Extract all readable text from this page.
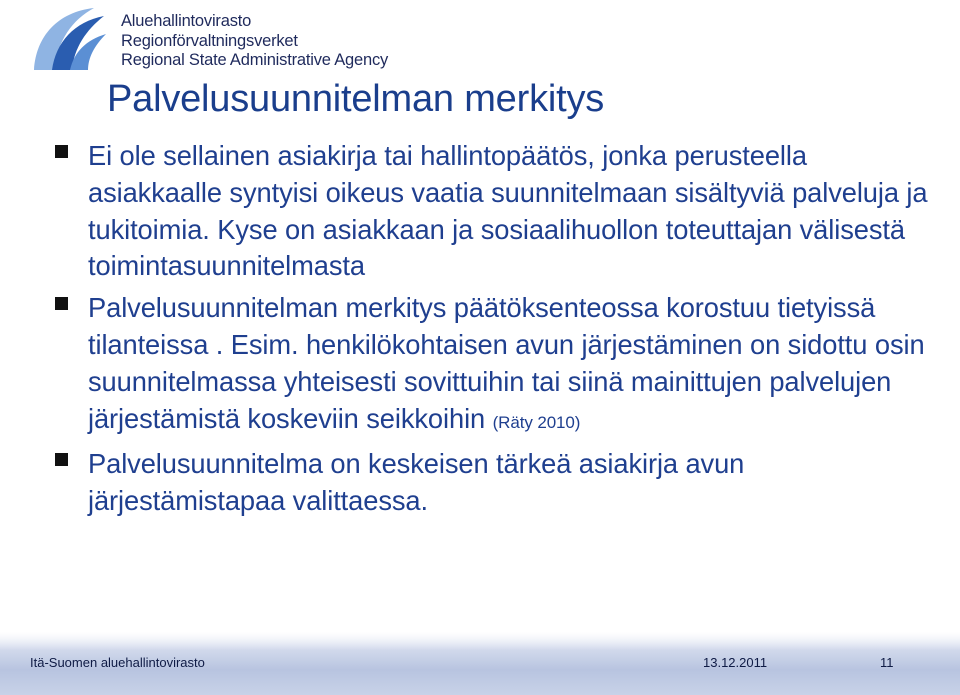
Aluehallintovirasto
Regionförvaltningsverket
Regional State Administrative Agency
Palvelusuunnitelman merkitys
Ei ole sellainen asiakirja tai hallintopäätös, jonka perusteella asiakkaalle syntyisi oikeus vaatia suunnitelmaan sisältyviä palveluja ja tukitoimia. Kyse on asiakkaan ja sosiaalihuollon toteuttajan välisestä toimintasuunnitelmasta
Palvelusuunnitelman merkitys päätöksenteossa korostuu tietyissä tilanteissa . Esim. henkilökohtaisen avun järjestäminen on sidottu osin suunnitelmassa yhteisesti sovittuihin tai siinä mainittujen palvelujen järjestämistä koskeviin seikkoihin (Räty 2010)
Palvelusuunnitelma on keskeisen tärkeä asiakirja avun järjestämistapaa valittaessa.
Itä-Suomen aluehallintovirasto	13.12.2011	11
